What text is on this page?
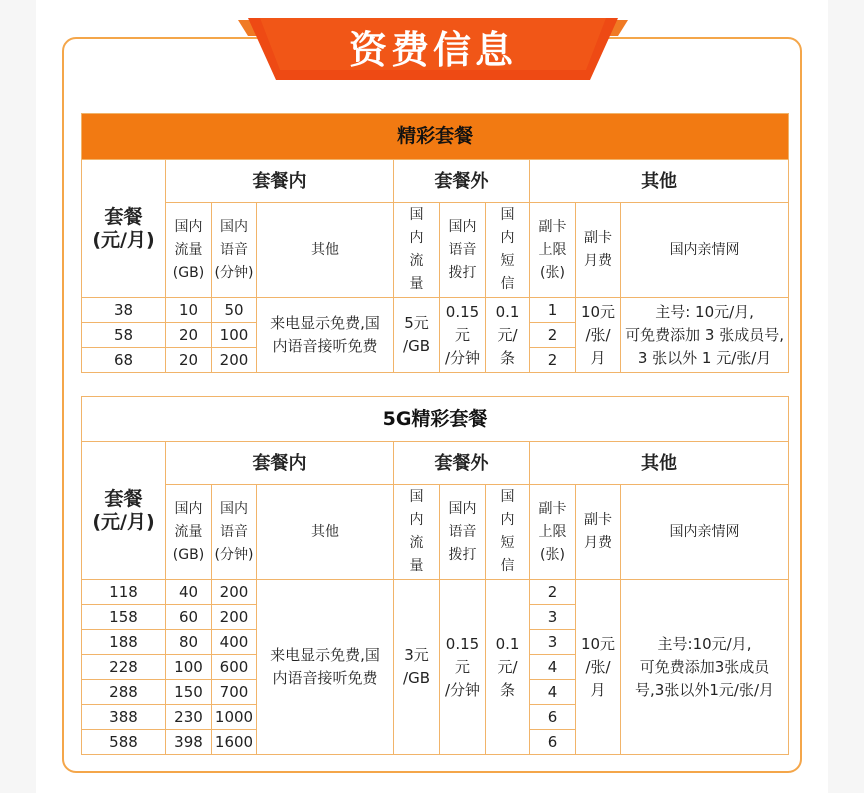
资费信息
精彩套餐									
套餐
(元/月)	套餐内			套餐外			其他		
	国内
流量
(GB)	国内
语音
(分钟)	其他	国
内
流
量	国内
语音
拨打	国
内
短
信	副卡
上限
(张)	副卡
月费	国内亲情网
38	10	50	来电显示免费,国
内语音接听免费	5元
/GB	0.15
元
/分钟	0.1
元/
条	1	10元
/张/
月	主号: 10元/月,
可免费添加 3 张成员号,
3 张以外 1 元/张/月
58	20	100					2		
68	20	200					2		
5G精彩套餐									
套餐
(元/月)	套餐内			套餐外			其他		
	国内
流量
(GB)	国内
语音
(分钟)	其他	国
内
流
量	国内
语音
拨打	国
内
短
信	副卡
上限
(张)	副卡
月费	国内亲情网
118	40	200	来电显示免费,国
内语音接听免费	3元
/GB	0.15
元
/分钟	0.1
元/
条	2	10元
/张/
月	主号:10元/月,
可免费添加3张成员
号,3张以外1元/张/月
158	60	200					3		
188	80	400					3		
228	100	600					4		
288	150	700					4		
388	230	1000					6		
588	398	1600					6		
